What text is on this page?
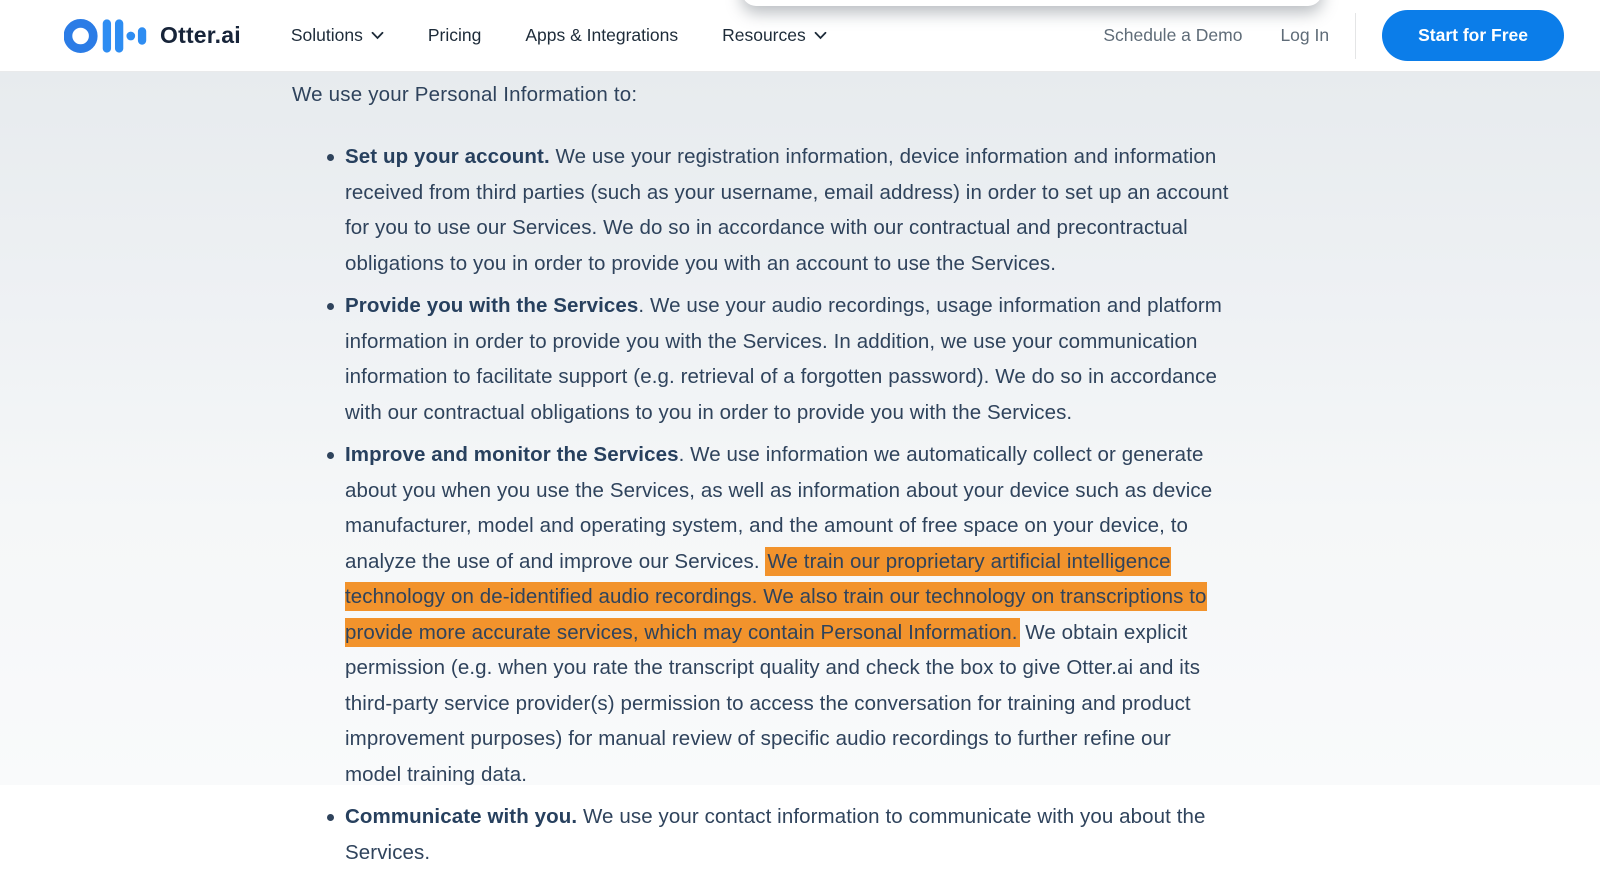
Otter.ai	Solutions	Pricing	Apps & Integrations	Resources	Schedule a Demo Log In	Start for Free

We use your Personal Information to:

Set up your account. We use your registration information, device information and information received from third parties (such as your username, email address) in order to set up an account for you to use our Services. We do so in accordance with our contractual and precontractual obligations to you in order to provide you with an account to use the Services.
Provide you with the Services. We use your audio recordings, usage information and platform information in order to provide you with the Services. In addition, we use your communication information to facilitate support (e.g. retrieval of a forgotten password). We do so in accordance with our contractual obligations to you in order to provide you with the Services.
Improve and monitor the Services. We use information we automatically collect or generate about you when you use the Services, as well as information about your device such as device manufacturer, model and operating system, and the amount of free space on your device, to analyze the use of and improve our Services. We train our proprietary artificial intelligence technology on de-identified audio recordings. We also train our technology on transcriptions to provide more accurate services, which may contain Personal Information. We obtain explicit permission (e.g. when you rate the transcript quality and check the box to give Otter.ai and its third-party service provider(s) permission to access the conversation for training and product improvement purposes) for manual review of specific audio recordings to further refine our model training data.
Communicate with you. We use your contact information to communicate with you about the Services.
